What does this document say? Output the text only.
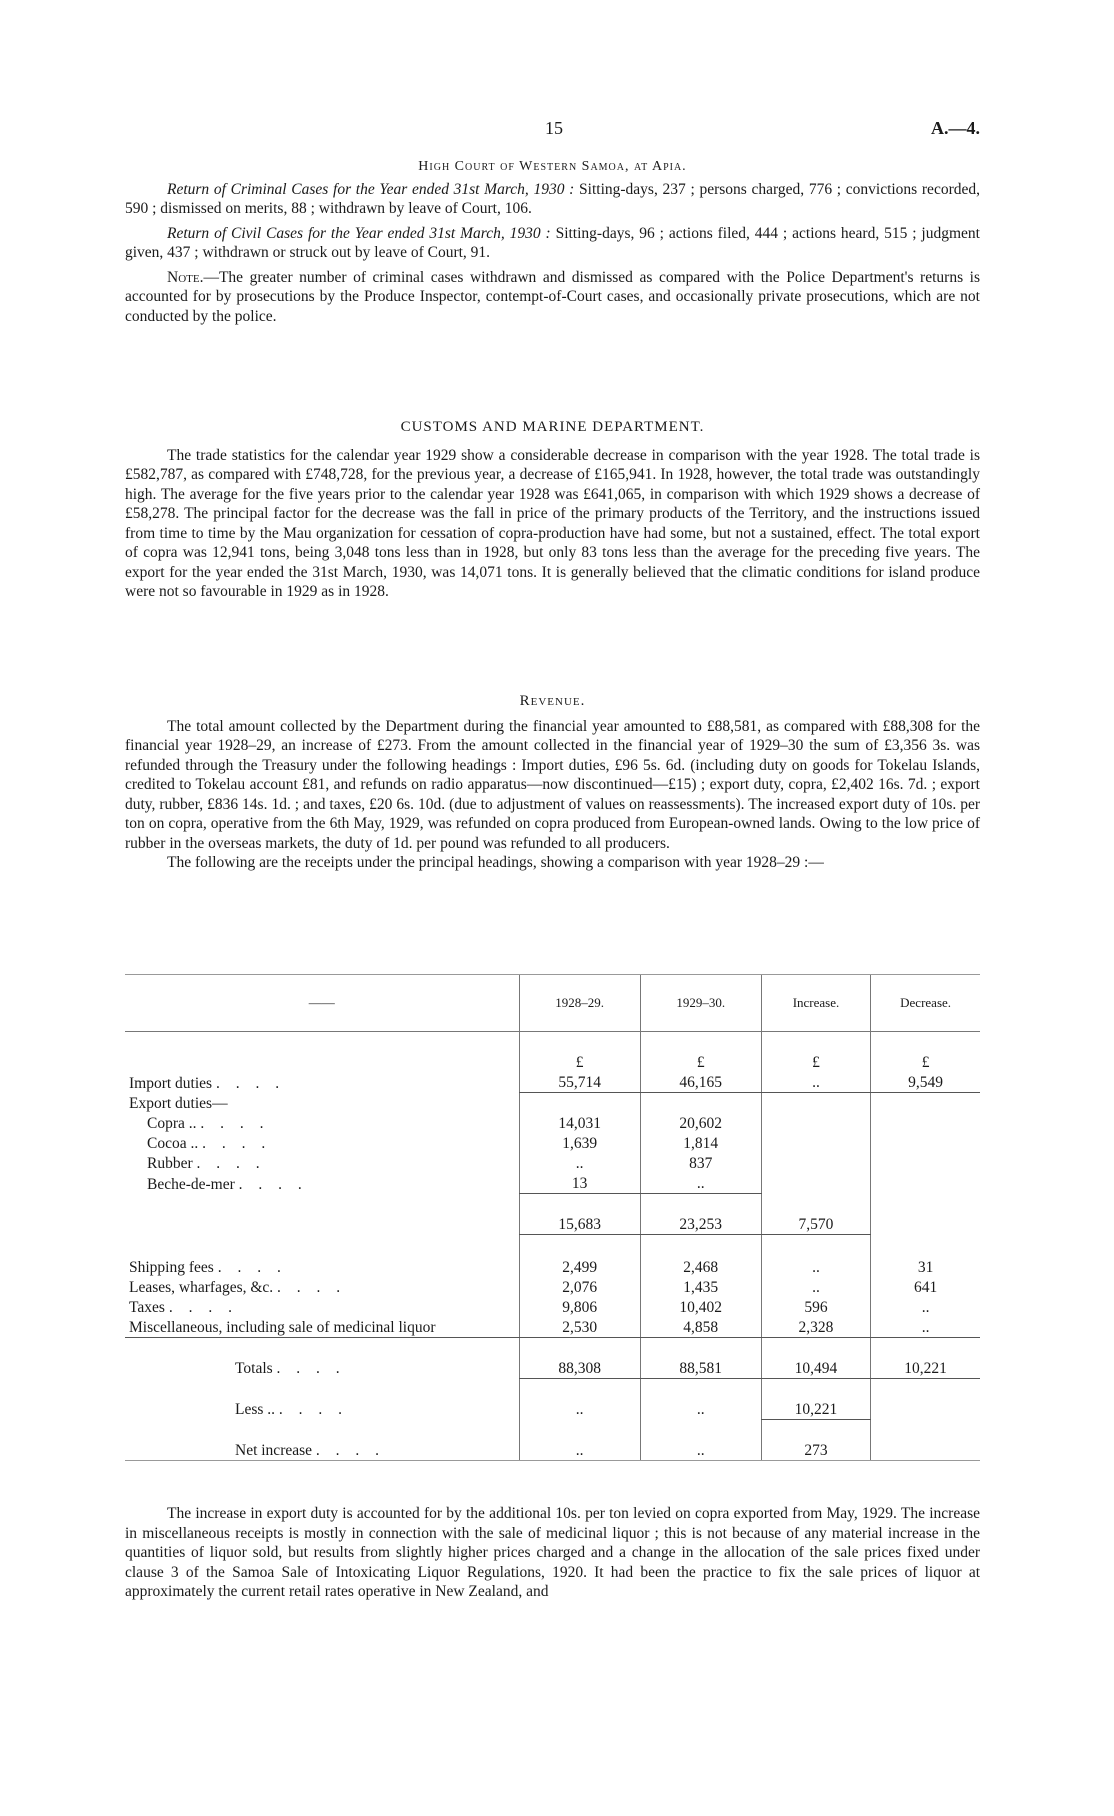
15	A.—4.

High Court of Western Samoa, at Apia.

Return of Criminal Cases for the Year ended 31st March, 1930 : Sitting-days, 237 ; persons charged, 776 ; convictions recorded, 590 ; dismissed on merits, 88 ; withdrawn by leave of Court, 106.

Return of Civil Cases for the Year ended 31st March, 1930 : Sitting-days, 96 ; actions filed, 444 ; actions heard, 515 ; judgment given, 437 ; withdrawn or struck out by leave of Court, 91.

Note.—The greater number of criminal cases withdrawn and dismissed as compared with the Police Department's returns is accounted for by prosecutions by the Produce Inspector, contempt-of-Court cases, and occasionally private prosecutions, which are not conducted by the police.

CUSTOMS AND MARINE DEPARTMENT.

The trade statistics for the calendar year 1929 show a considerable decrease in comparison with the year 1928. The total trade is £582,787, as compared with £748,728, for the previous year, a decrease of £165,941. In 1928, however, the total trade was outstandingly high. The average for the five years prior to the calendar year 1928 was £641,065, in comparison with which 1929 shows a decrease of £58,278. The principal factor for the decrease was the fall in price of the primary products of the Territory, and the instructions issued from time to time by the Mau organization for cessation of copra-production have had some, but not a sustained, effect. The total export of copra was 12,941 tons, being 3,048 tons less than in 1928, but only 83 tons less than the average for the preceding five years. The export for the year ended the 31st March, 1930, was 14,071 tons. It is generally believed that the climatic conditions for island produce were not so favourable in 1929 as in 1928.

Revenue.

The total amount collected by the Department during the financial year amounted to £88,581, as compared with £88,308 for the financial year 1928–29, an increase of £273. From the amount collected in the financial year of 1929–30 the sum of £3,356 3s. was refunded through the Treasury under the following headings : Import duties, £96 5s. 6d. (including duty on goods for Tokelau Islands, credited to Tokelau account £81, and refunds on radio apparatus—now discontinued—£15) ; export duty, copra, £2,402 16s. 7d. ; export duty, rubber, £836 14s. 1d. ; and taxes, £20 6s. 10d. (due to adjustment of values on reassessments). The increased export duty of 10s. per ton on copra, operative from the 6th May, 1929, was refunded on copra produced from European-owned lands. Owing to the low price of rubber in the overseas markets, the duty of 1d. per pound was refunded to all producers.

The following are the receipts under the principal headings, showing a comparison with year 1928–29 :—

——	1928–29.	1929–30.	Increase.	Decrease.

	£	£	£	£
Import duties . . . .	55,714	46,165	..	9,549
Export duties—				
Copra .. . . . .	14,031	20,602		
Cocoa .. . . . .	1,639	1,814		
Rubber . . . .	..	837		
Beche-de-mer . . . .	13	..		

	15,683	23,253	7,570	

Shipping fees . . . .	2,499	2,468	..	31
Leases, wharfages, &c. . . . .	2,076	1,435	..	641
Taxes . . . .	9,806	10,402	596	..
Miscellaneous, including sale of medicinal liquor	2,530	4,858	2,328	..

Totals . . . .	88,308	88,581	10,494	10,221

Less .. . . . .	..	..	10,221	

Net increase . . . .	..	..	273	

The increase in export duty is accounted for by the additional 10s. per ton levied on copra exported from May, 1929. The increase in miscellaneous receipts is mostly in connection with the sale of medicinal liquor ; this is not because of any material increase in the quantities of liquor sold, but results from slightly higher prices charged and a change in the allocation of the sale prices fixed under clause 3 of the Samoa Sale of Intoxicating Liquor Regulations, 1920. It had been the practice to fix the sale prices of liquor at approximately the current retail rates operative in New Zealand, and
